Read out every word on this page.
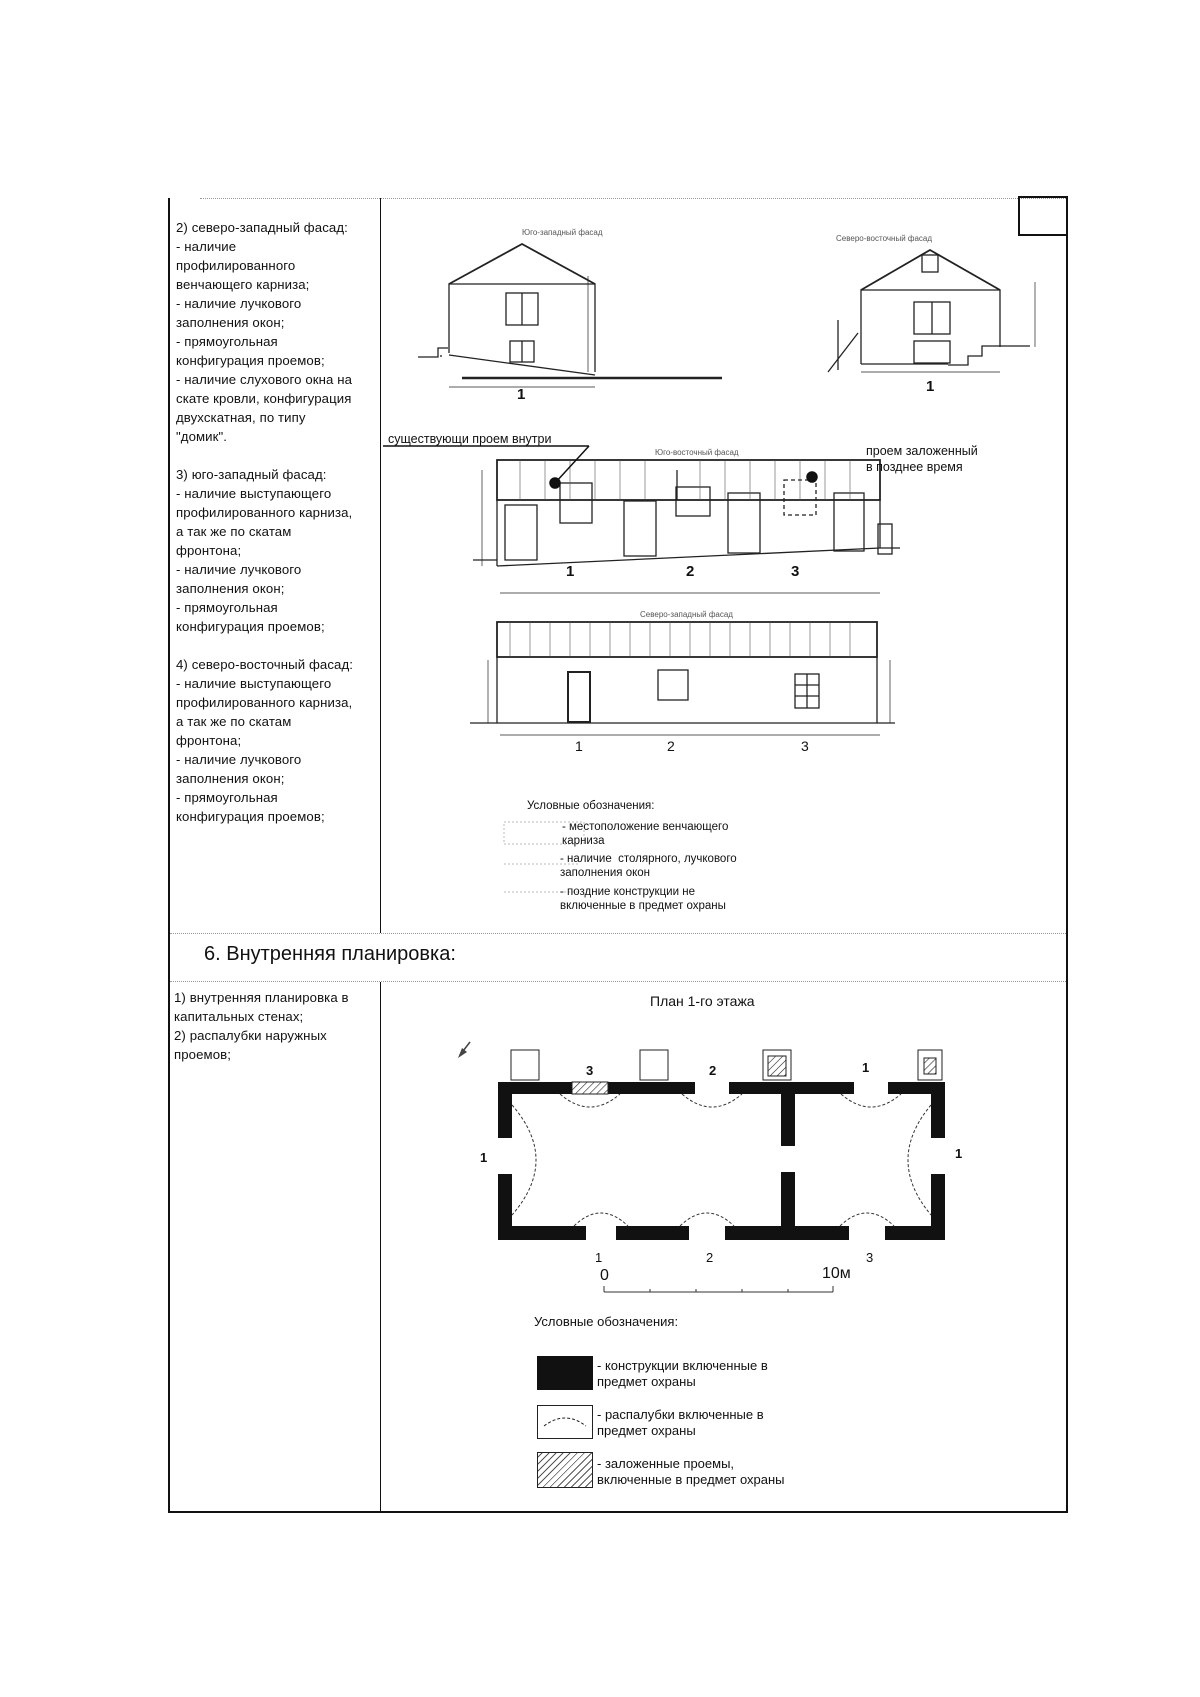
2) северо-западный фасад:
- наличие
профилированного
венчающего карниза;
- наличие лучкового
заполнения окон;
- прямоугольная
конфигурация проемов;
- наличие слухового окна на
скате кровли, конфигурация
двухскатная, по типу
"домик".

3) юго-западный фасад:
- наличие выступающего
профилированного карниза,
а так же по скатам
фронтона;
- наличие лучкового
заполнения окон;
- прямоугольная
конфигурация проемов;

4) северо-восточный фасад:
- наличие выступающего
профилированного карниза,
а так же по скатам
фронтона;
- наличие лучкового
заполнения окон;
- прямоугольная
конфигурация проемов;
Юго-западный фасад
Северо-восточный фасад
Юго-восточный фасад
Северо-западный фасад
существующи проем внутри
проем заложенный
в позднее время
1	1
1	2	3
1	2	3
Условные обозначения:
- местоположение венчающего
карниза
- наличие  столярного, лучкового
заполнения окон
- поздние конструкции не
включенные в предмет охраны
6. Внутренняя планировка:
1) внутренняя планировка в
капитальных стенах;
2) распалубки наружных
проемов;
План 1-го этажа
3	2	1
1	1
1	2	3
0	10м
Условные обозначения:
- конструкции включенные в
предмет охраны
- распалубки включенные в
предмет охраны
- заложенные проемы,
включенные в предмет охраны
